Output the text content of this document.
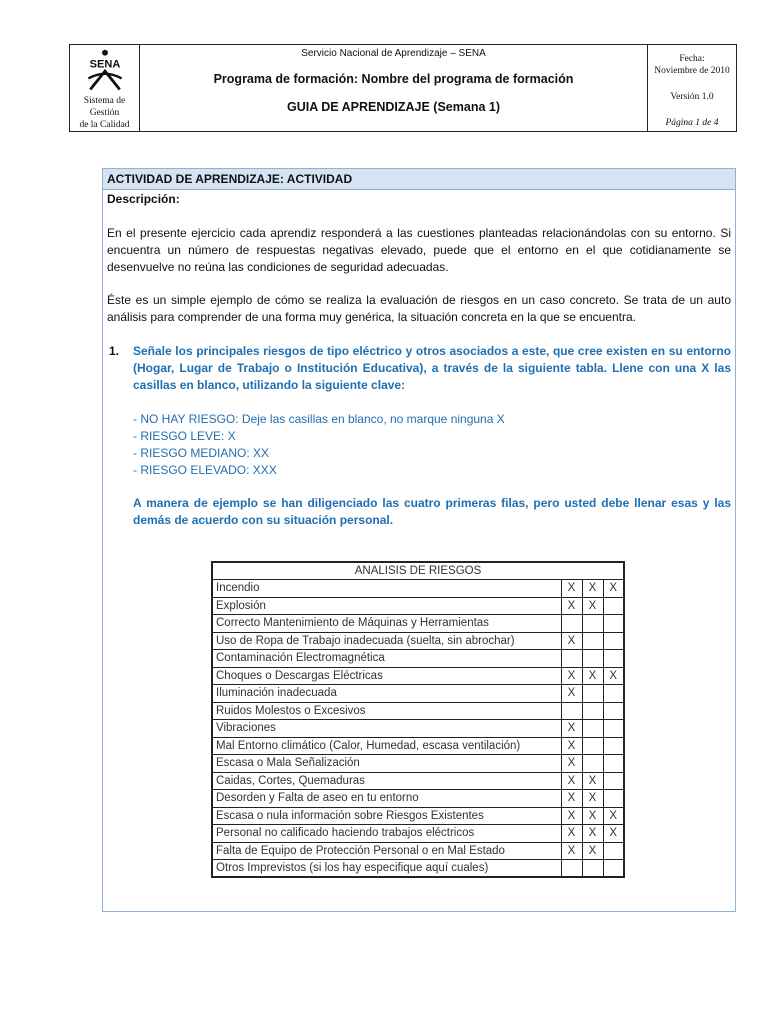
SENA
Sistema de Gestión
de la Calidad
Servicio Nacional de Aprendizaje – SENA
Programa de formación: Nombre del programa de formación
GUIA DE APRENDIZAJE (Semana 1)
Fecha:
Noviembre de 2010
Versión 1.0
Página 1 de 4
ACTIVIDAD DE APRENDIZAJE: ACTIVIDAD
Descripción:
En el presente ejercicio cada aprendiz responderá a las cuestiones planteadas relacionándolas con su entorno. Si encuentra un número de respuestas negativas elevado, puede que el entorno en el que cotidianamente se desenvuelve no reúna las condiciones de seguridad adecuadas.
Éste es un simple ejemplo de cómo se realiza la evaluación de riesgos en un caso concreto. Se trata de un auto análisis para comprender de una forma muy genérica, la situación concreta en la que se encuentra.
1.	Señale los principales riesgos de tipo eléctrico y otros asociados a este, que cree existen en su entorno (Hogar, Lugar de Trabajo o Institución Educativa), a través de la siguiente tabla. Llene con una X las casillas en blanco, utilizando la siguiente clave:
- NO HAY RIESGO: Deje las casillas en blanco, no marque ninguna X
- RIESGO LEVE: X
- RIESGO MEDIANO: XX
- RIESGO ELEVADO: XXX
A manera de ejemplo se han diligenciado las cuatro primeras filas, pero usted debe llenar esas y las demás de acuerdo con su situación personal.
ANALISIS DE RIESGOS			
Incendio	X	X	X
Explosión	X	X	
Correcto Mantenimiento de Máquinas y Herramientas			
Uso de Ropa de Trabajo inadecuada (suelta, sin abrochar)	X		
Contaminación Electromagnética			
Choques o Descargas Eléctricas	X	X	X
Iluminación inadecuada	X		
Ruidos Molestos o Excesivos			
Vibraciones	X		
Mal Entorno climático (Calor, Humedad, escasa ventilación)	X		
Escasa o Mala Señalización	X		
Caidas, Cortes, Quemaduras	X	X	
Desorden y Falta de aseo en tu entorno	X	X	
Escasa o nula información sobre Riesgos Existentes	X	X	X
Personal no calificado haciendo trabajos eléctricos	X	X	X
Falta de Equipo de Protección Personal o en Mal Estado	X	X	
Otros Imprevistos (si los hay especifique aquí cuales)			
